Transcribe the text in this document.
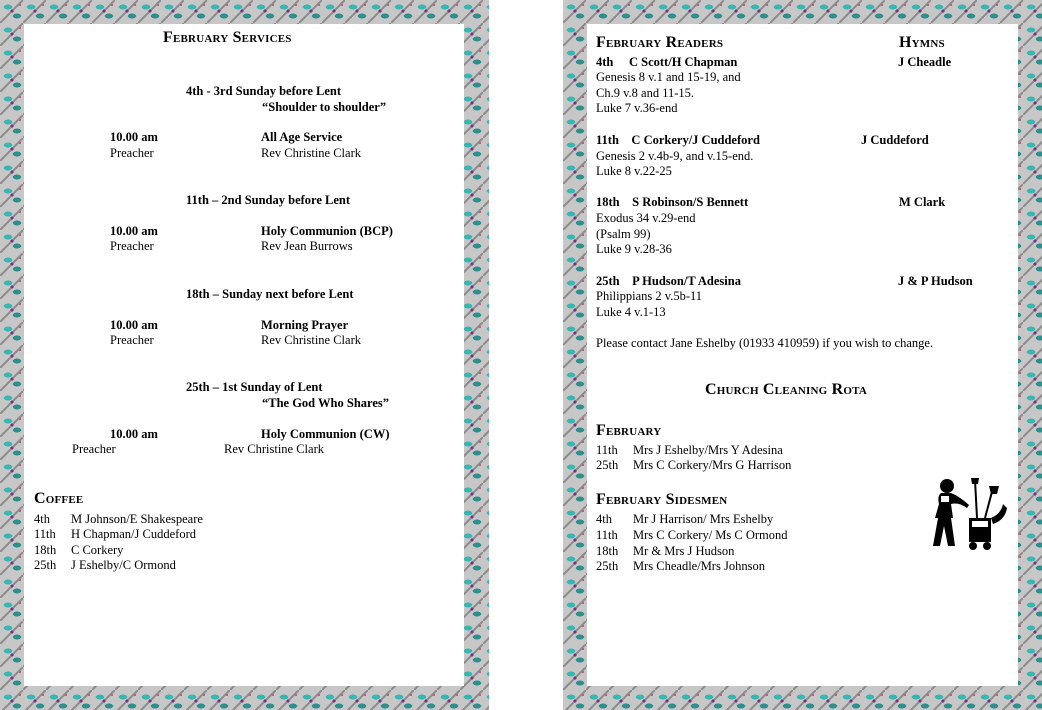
February Services
4th - 3rd Sunday before Lent
“Shoulder to shoulder”
10.00 am	All Age Service
Preacher	Rev Christine Clark
11th – 2nd Sunday before Lent
10.00 am	Holy Communion (BCP)
Preacher	Rev Jean Burrows
18th – Sunday next before Lent
10.00 am	Morning Prayer
Preacher	Rev Christine Clark
25th – 1st Sunday of Lent
“The God Who Shares”
10.00 am	Holy Communion (CW)
Preacher	Rev Christine Clark
Coffee
4th M Johnson/E Shakespeare
11th H Chapman/J Cuddeford
18th C Corkery
25th J Eshelby/C Ormond
February Readers	Hymns
4th     C Scott/H Chapman	J Cheadle
Genesis 8 v.1 and 15-19, and
Ch.9 v.8 and 11-15.
Luke 7 v.36-end
11th    C Corkery/J Cuddeford	J Cuddeford
Genesis 2 v.4b-9, and v.15-end.
Luke 8 v.22-25
18th    S Robinson/S Bennett	M Clark
Exodus 34 v.29-end
(Psalm 99)
Luke 9 v.28-36
25th    P Hudson/T Adesina	J & P Hudson
Philippians 2 v.5b-11
Luke 4 v.1-13
Please contact Jane Eshelby (01933 410959) if you wish to change.
Church Cleaning Rota
February
11th Mrs J Eshelby/Mrs Y Adesina
25th Mrs C Corkery/Mrs G Harrison
February Sidesmen
4th Mr J Harrison/ Mrs Eshelby
11th Mrs C Corkery/ Ms C Ormond
18th Mr & Mrs J Hudson
25th Mrs Cheadle/Mrs Johnson
